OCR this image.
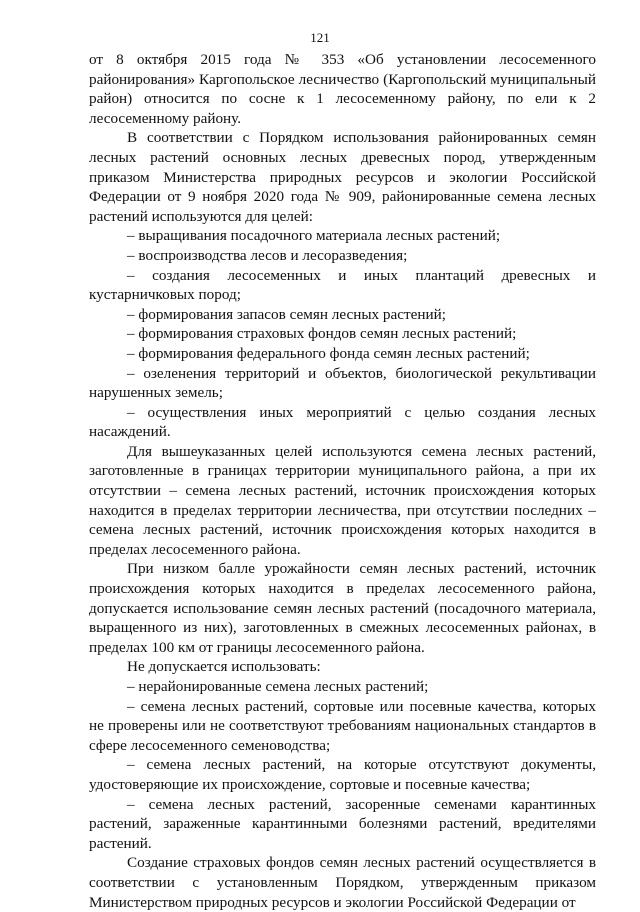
121

от 8 октября 2015 года № 353 «Об установлении лесосеменного районирования» Каргопольское лесничество (Каргопольский муниципальный район) относится по сосне к 1 лесосеменному району, по ели к 2 лесосеменному району.

В соответствии с Порядком использования районированных семян лесных растений основных лесных древесных пород, утвержденным приказом Министерства природных ресурсов и экологии Российской Федерации от 9 ноября 2020 года № 909, районированные семена лесных растений используются для целей:

– выращивания посадочного материала лесных растений;

– воспроизводства лесов и лесоразведения;

– создания лесосеменных и иных плантаций древесных и кустарничковых пород;

– формирования запасов семян лесных растений;

– формирования страховых фондов семян лесных растений;

– формирования федерального фонда семян лесных растений;

– озеленения территорий и объектов, биологической рекультивации нарушенных земель;

– осуществления иных мероприятий с целью создания лесных насаждений.

Для вышеуказанных целей используются семена лесных растений, заготовленные в границах территории муниципального района, а при их отсутствии – семена лесных растений, источник происхождения которых находится в пределах территории лесничества, при отсутствии последних – семена лесных растений, источник происхождения которых находится в пределах лесосеменного района.

При низком балле урожайности семян лесных растений, источник происхождения которых находится в пределах лесосеменного района, допускается использование семян лесных растений (посадочного материала, выращенного из них), заготовленных в смежных лесосеменных районах, в пределах 100 км от границы лесосеменного района.

Не допускается использовать:

– нерайонированные семена лесных растений;

– семена лесных растений, сортовые или посевные качества, которых не проверены или не соответствуют требованиям национальных стандартов в сфере лесосеменного семеноводства;

– семена лесных растений, на которые отсутствуют документы, удостоверяющие их происхождение, сортовые и посевные качества;

– семена лесных растений, засоренные семенами карантинных растений, зараженные карантинными болезнями растений, вредителями растений.

Создание страховых фондов семян лесных растений осуществляется в соответствии с установленным Порядком, утвержденным приказом Министерством природных ресурсов и экологии Российской Федерации от
